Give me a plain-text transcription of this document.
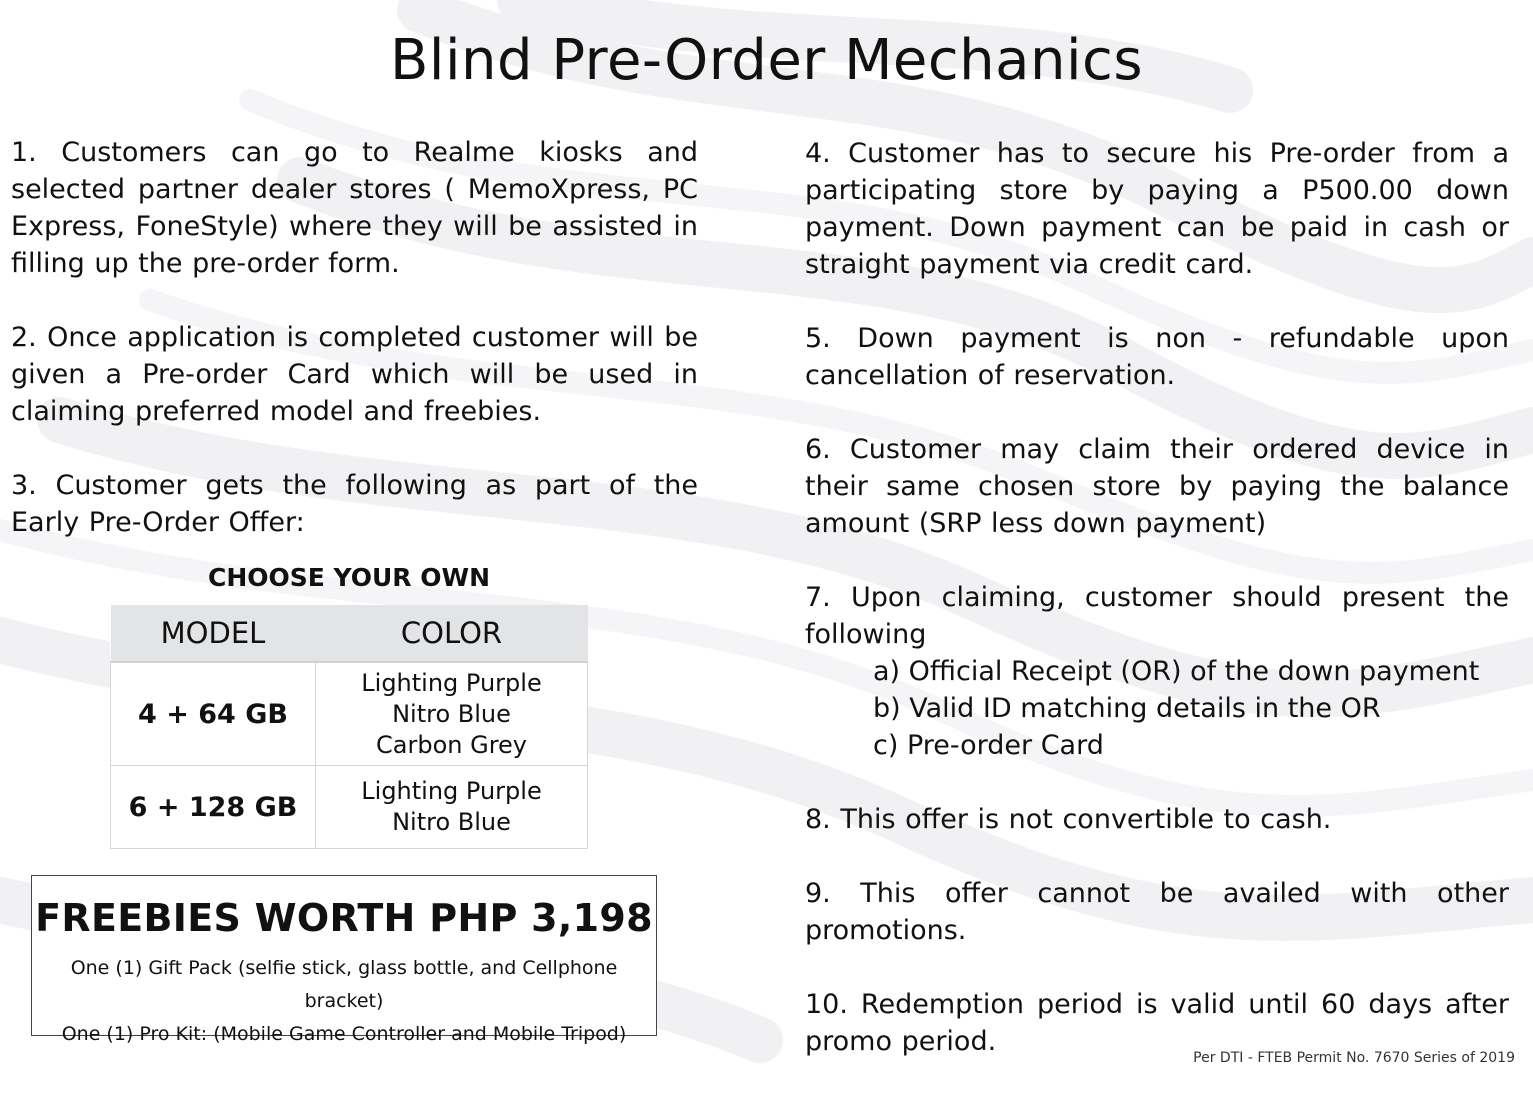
Blind Pre-Order Mechanics

1. Customers can go to Realme kiosks and selected partner dealer stores ( MemoXpress, PC Express, FoneStyle) where they will be assisted in filling up the pre-order form.

2. Once application is completed customer will be given a Pre-order Card which will be used in claiming preferred model and freebies.

3. Customer gets the following as part of the Early Pre-Order Offer:

CHOOSE YOUR OWN
MODEL	COLOR
4 + 64 GB	Lighting Purple
Nitro Blue
Carbon Grey

6 + 128 GB	Lighting Purple
Nitro Blue
FREEBIES WORTH PHP 3,198
One (1) Gift Pack (selfie stick, glass bottle, and Cellphone bracket)
One (1) Pro Kit: (Mobile Game Controller and Mobile Tripod)

4. Customer has to secure his Pre-order from a participating store by paying a P500.00 down payment. Down payment can be paid in cash or straight payment via credit card.

5. Down payment is non - refundable upon cancellation of reservation.

6. Customer may claim their ordered device in their same chosen store by paying the balance amount (SRP less down payment)

7. Upon claiming, customer should present the following

a) Official Receipt (OR) of the down payment
b) Valid ID matching details in the OR
c) Pre-order Card

8. This offer is not convertible to cash.

9. This offer cannot be availed with other promotions.

10. Redemption period is valid until 60 days after promo period.

Per DTI - FTEB Permit No. 7670 Series of 2019
